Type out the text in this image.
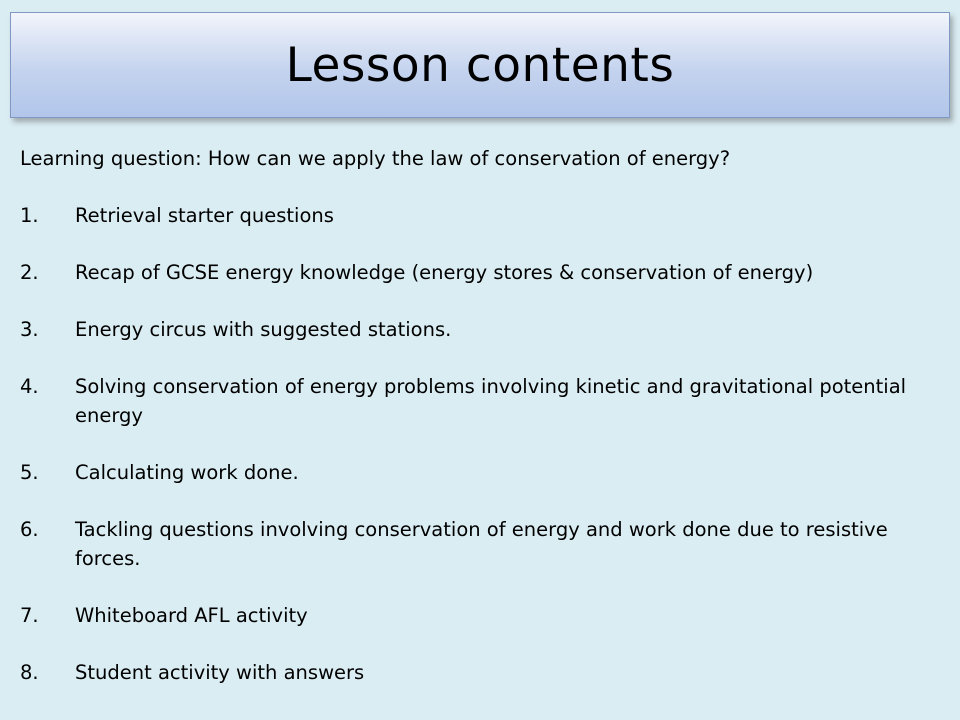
Lesson contents

Learning question: How can we apply the law of conservation of energy?

1.	Retrieval starter questions
2.	Recap of GCSE energy knowledge (energy stores & conservation of energy)
3.	Energy circus with suggested stations.
4.	Solving conservation of energy problems involving kinetic and gravitational potential energy
5.	Calculating work done.
6.	Tackling questions involving conservation of energy and work done due to resistive forces.
7.	Whiteboard AFL activity
8.	Student activity with answers
